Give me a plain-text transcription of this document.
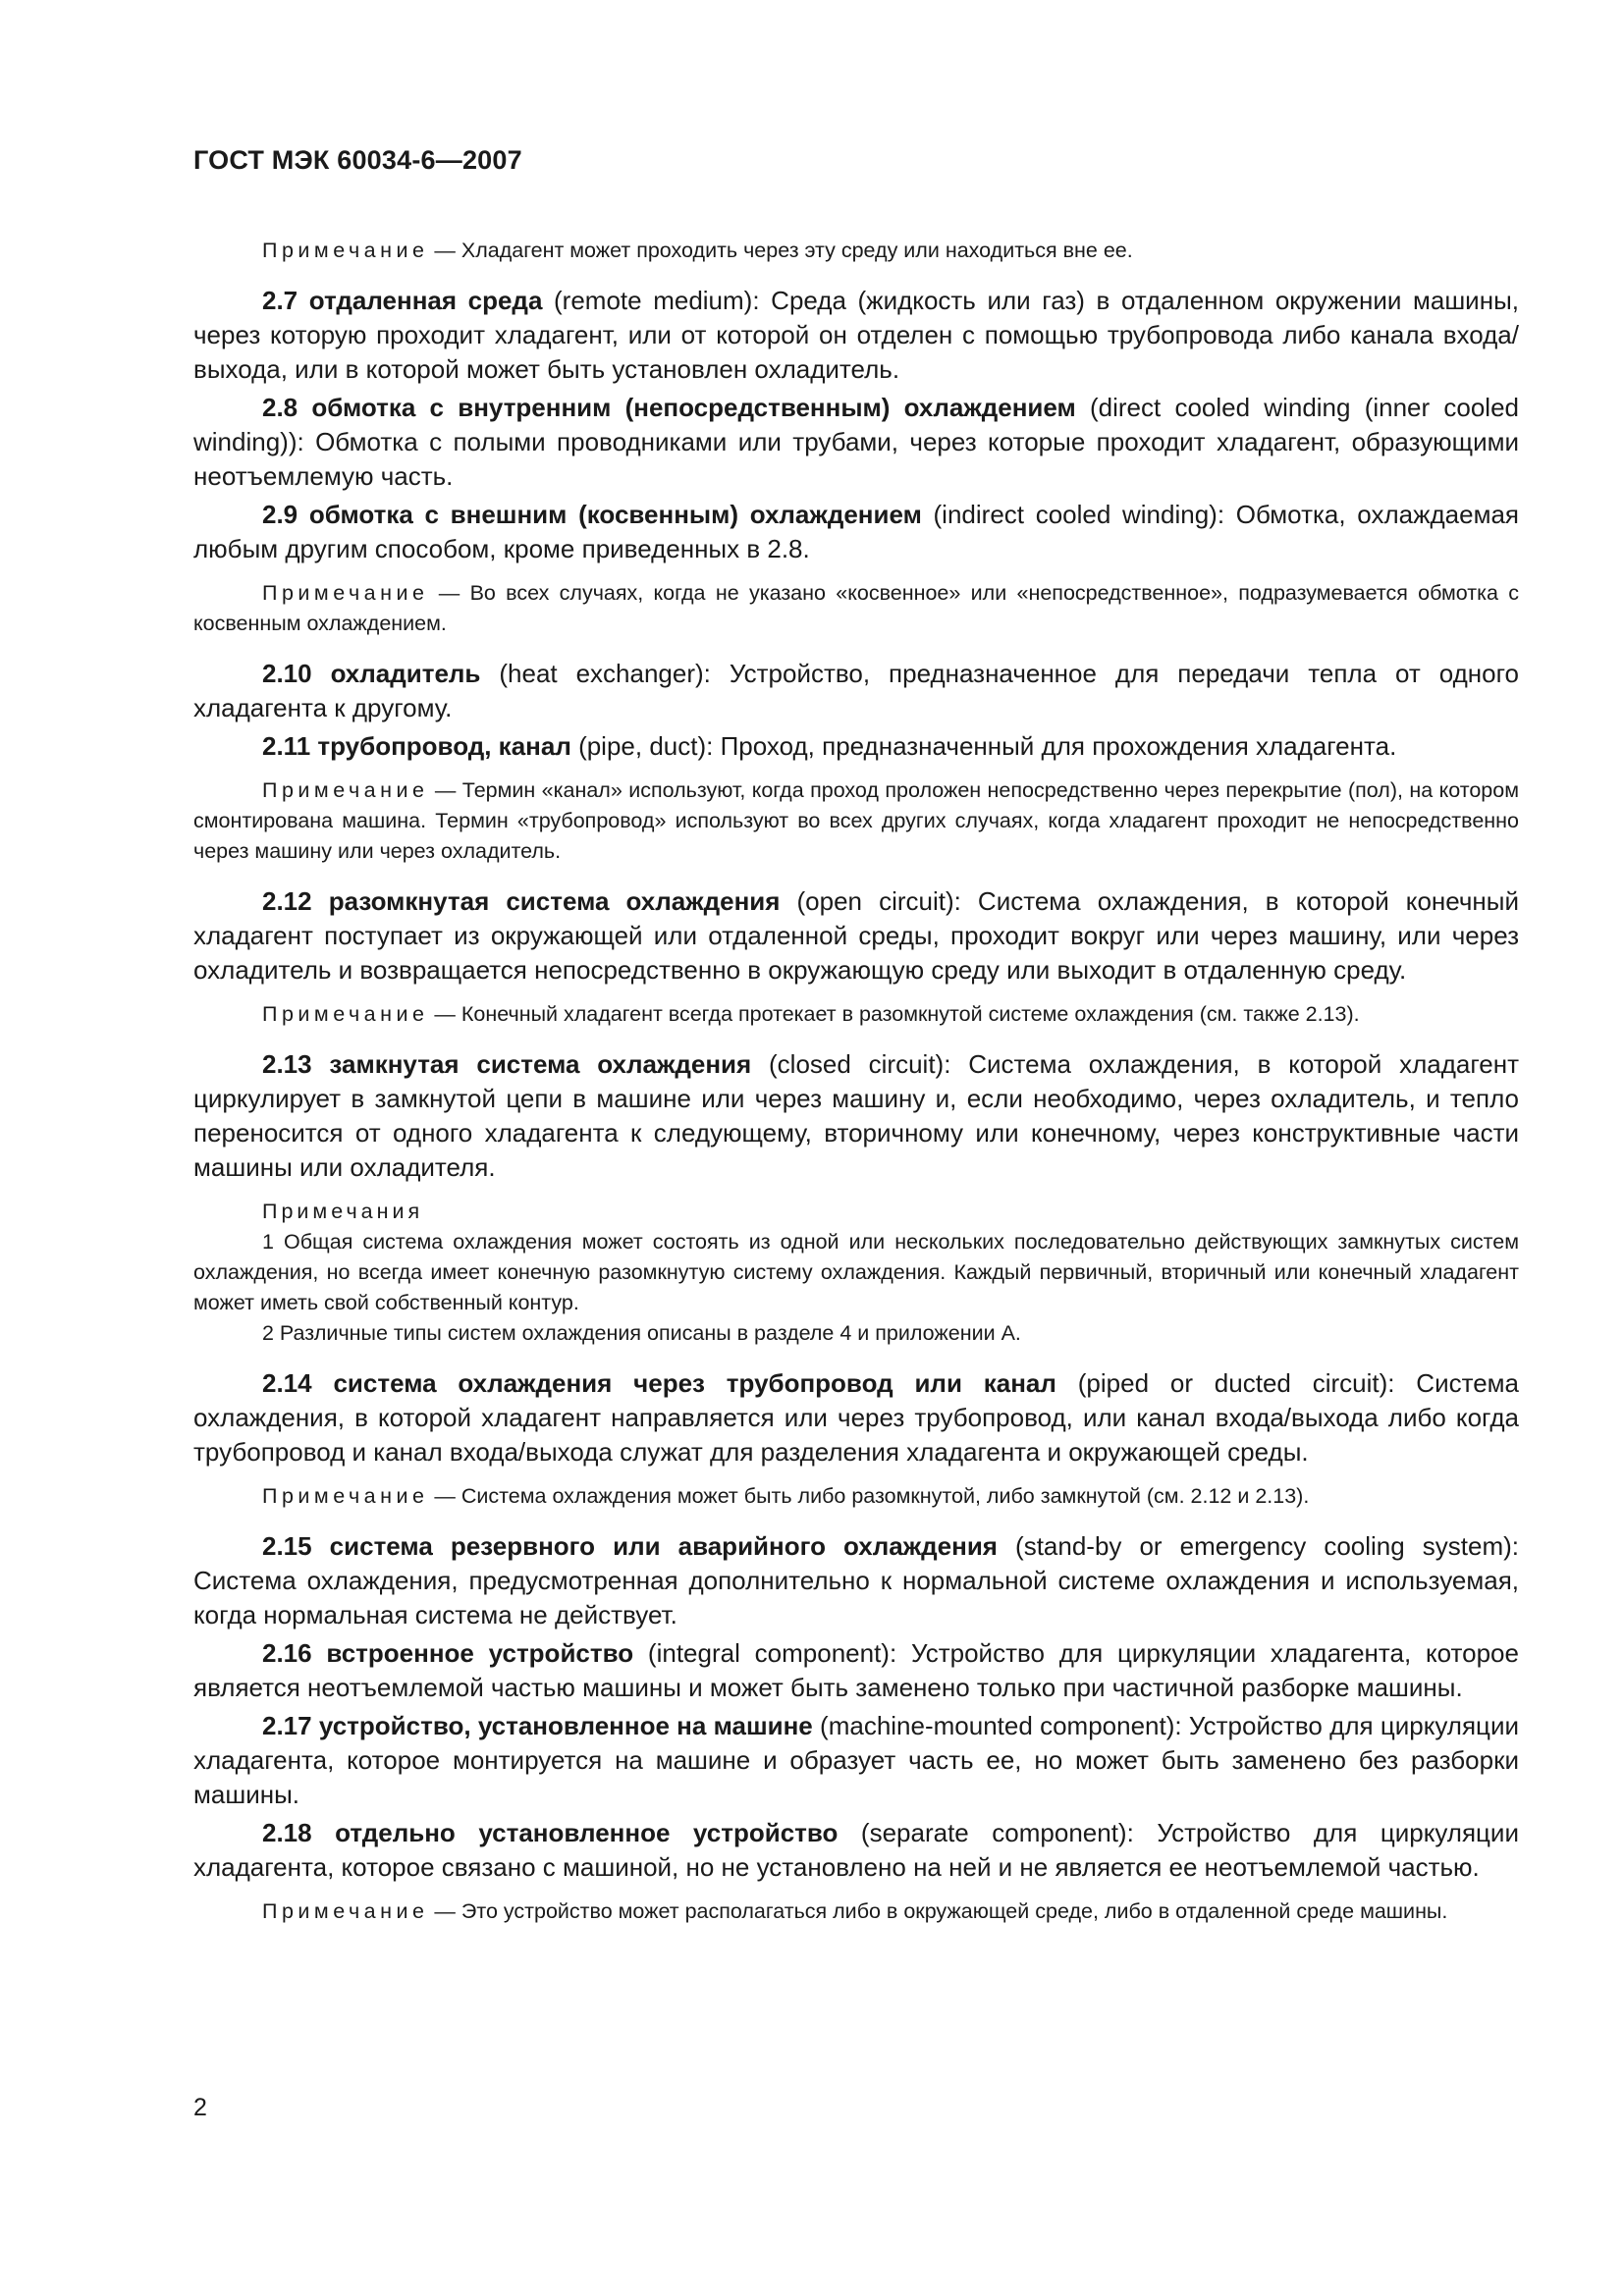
ГОСТ МЭК 60034-6—2007

Примечание — Хладагент может проходить через эту среду или находиться вне ее.

2.7 отдаленная среда (remote medium): Среда (жидкость или газ) в отдаленном окружении машины, через которую проходит хладагент, или от которой он отделен с помощью трубопровода либо канала входа/выхода, или в которой может быть установлен охладитель.

2.8 обмотка с внутренним (непосредственным) охлаждением (direct cooled winding (inner cooled winding)): Обмотка с полыми проводниками или трубами, через которые проходит хладагент, образующими неотъемлемую часть.

2.9 обмотка с внешним (косвенным) охлаждением (indirect cooled winding): Обмотка, охлаждаемая любым другим способом, кроме приведенных в 2.8.

Примечание — Во всех случаях, когда не указано «косвенное» или «непосредственное», подразумевается обмотка с косвенным охлаждением.

2.10 охладитель (heat exchanger): Устройство, предназначенное для передачи тепла от одного хладагента к другому.

2.11 трубопровод, канал (pipe, duct): Проход, предназначенный для прохождения хладагента.

Примечание — Термин «канал» используют, когда проход проложен непосредственно через перекрытие (пол), на котором смонтирована машина. Термин «трубопровод» используют во всех других случаях, когда хладагент проходит не непосредственно через машину или через охладитель.

2.12 разомкнутая система охлаждения (open circuit): Система охлаждения, в которой конечный хладагент поступает из окружающей или отдаленной среды, проходит вокруг или через машину, или через охладитель и возвращается непосредственно в окружающую среду или выходит в отдаленную среду.

Примечание — Конечный хладагент всегда протекает в разомкнутой системе охлаждения (см. также 2.13).

2.13 замкнутая система охлаждения (closed circuit): Система охлаждения, в которой хладагент циркулирует в замкнутой цепи в машине или через машину и, если необходимо, через охладитель, и тепло переносится от одного хладагента к следующему, вторичному или конечному, через конструктивные части машины или охладителя.

Примечания

1 Общая система охлаждения может состоять из одной или нескольких последовательно действующих замкнутых систем охлаждения, но всегда имеет конечную разомкнутую систему охлаждения. Каждый первичный, вторичный или конечный хладагент может иметь свой собственный контур.

2 Различные типы систем охлаждения описаны в разделе 4 и приложении А.

2.14 система охлаждения через трубопровод или канал (piped or ducted circuit): Система охлаждения, в которой хладагент направляется или через трубопровод, или канал входа/выхода либо когда трубопровод и канал входа/выхода служат для разделения хладагента и окружающей среды.

Примечание — Система охлаждения может быть либо разомкнутой, либо замкнутой (см. 2.12 и 2.13).

2.15 система резервного или аварийного охлаждения (stand-by or emergency cooling system): Система охлаждения, предусмотренная дополнительно к нормальной системе охлаждения и используемая, когда нормальная система не действует.

2.16 встроенное устройство (integral component): Устройство для циркуляции хладагента, которое является неотъемлемой частью машины и может быть заменено только при частичной разборке машины.

2.17 устройство, установленное на машине (machine-mounted component): Устройство для циркуляции хладагента, которое монтируется на машине и образует часть ее, но может быть заменено без разборки машины.

2.18 отдельно установленное устройство (separate component): Устройство для циркуляции хладагента, которое связано с машиной, но не установлено на ней и не является ее неотъемлемой частью.

Примечание — Это устройство может располагаться либо в окружающей среде, либо в отдаленной среде машины.

2
